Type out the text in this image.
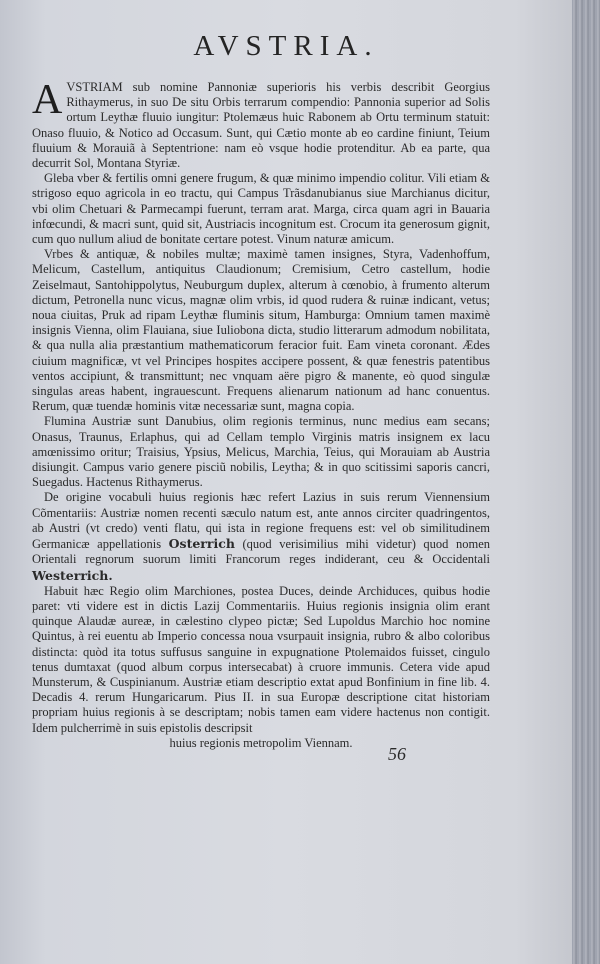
AVSTRIA.

AVSTRIAM sub nomine Pannoniæ superioris his verbis describit Georgius Rithaymerus, in suo De situ Orbis terrarum compendio: Pannonia superior ad Solis ortum Leythæ fluuio iungitur: Ptolemæus huic Rabonem ab Ortu terminum statuit: Onaso fluuio, & Notico ad Occasum. Sunt, qui Cætio monte ab eo cardine finiunt, Teium fluuium & Morauiã à Septentrione: nam eò vsque hodie protenditur. Ab ea parte, qua decurrit Sol, Montana Styriæ.

Gleba vber & fertilis omni genere frugum, & quæ minimo impendio colitur. Vili etiam & strigoso equo agricola in eo tractu, qui Campus Trãsdanubianus siue Marchianus dicitur, vbi olim Chetuari & Parmecampi fuerunt, terram arat. Marga, circa quam agri in Bauaria infœcundi, & macri sunt, quid sit, Austriacis incognitum est. Crocum ita generosum gignit, cum quo nullum aliud de bonitate certare potest. Vinum naturæ amicum.

Vrbes & antiquæ, & nobiles multæ; maximè tamen insignes, Styra, Vadenhoffum, Melicum, Castellum, antiquitus Claudionum; Cremisium, Cetro castellum, hodie Zeiselmaut, Santohippolytus, Neuburgum duplex, alterum à cœnobio, à frumento alterum dictum, Petronella nunc vicus, magnæ olim vrbis, id quod rudera & ruinæ indicant, vetus; noua ciuitas, Pruk ad ripam Leythæ fluminis situm, Hamburga: Omnium tamen maximè insignis Vienna, olim Flauiana, siue Iuliobona dicta, studio litterarum admodum nobilitata, & qua nulla alia præstantium mathematicorum feracior fuit. Eam vineta coronant. Ædes ciuium magnificæ, vt vel Principes hospites accipere possent, & quæ fenestris patentibus ventos accipiunt, & transmittunt; nec vnquam aëre pigro & manente, eò quod singulæ singulas areas habent, ingrauescunt. Frequens alienarum nationum ad hanc conuentus. Rerum, quæ tuendæ hominis vitæ necessariæ sunt, magna copia.

Flumina Austriæ sunt Danubius, olim regionis terminus, nunc medius eam secans; Onasus, Traunus, Erlaphus, qui ad Cellam templo Virginis matris insignem ex lacu amœnissimo oritur; Traisius, Ypsius, Melicus, Marchia, Teius, qui Morauiam ab Austria disiungit. Campus vario genere pisciũ nobilis, Leytha; & in quo scitissimi saporis cancri, Suegadus. Hactenus Rithaymerus.

De origine vocabuli huius regionis hæc refert Lazius in suis rerum Viennensium Cõmentariis: Austriæ nomen recenti sæculo natum est, ante annos circiter quadringentos, ab Austri (vt credo) venti flatu, qui ista in regione frequens est: vel ob similitudinem Germanicæ appellationis Osterrich (quod verisimilius mihi videtur) quod nomen Orientali regnorum suorum limiti Francorum reges indiderant, ceu & Occidentali Westerrich.

Habuit hæc Regio olim Marchiones, postea Duces, deinde Archiduces, quibus hodie paret: vti videre est in dictis Lazij Commentariis. Huius regionis insignia olim erant quinque Alaudæ aureæ, in cælestino clypeo pictæ; Sed Lupoldus Marchio hoc nomine Quintus, à rei euentu ab Imperio concessa noua vsurpauit insignia, rubro & albo coloribus distincta: quòd ita totus suffusus sanguine in expugnatione Ptolemaidos fuisset, cingulo tenus dumtaxat (quod album corpus intersecabat) à cruore immunis. Cetera vide apud Munsterum, & Cuspinianum. Austriæ etiam descriptio extat apud Bonfinium in fine lib. 4. Decadis 4. rerum Hungaricarum. Pius II. in sua Europæ descriptione citat historiam propriam huius regionis à se descriptam; nobis tamen eam videre hactenus non contigit. Idem pulcherrimè in suis epistolis descripsit

huius regionis metropolim Viennam.

56
